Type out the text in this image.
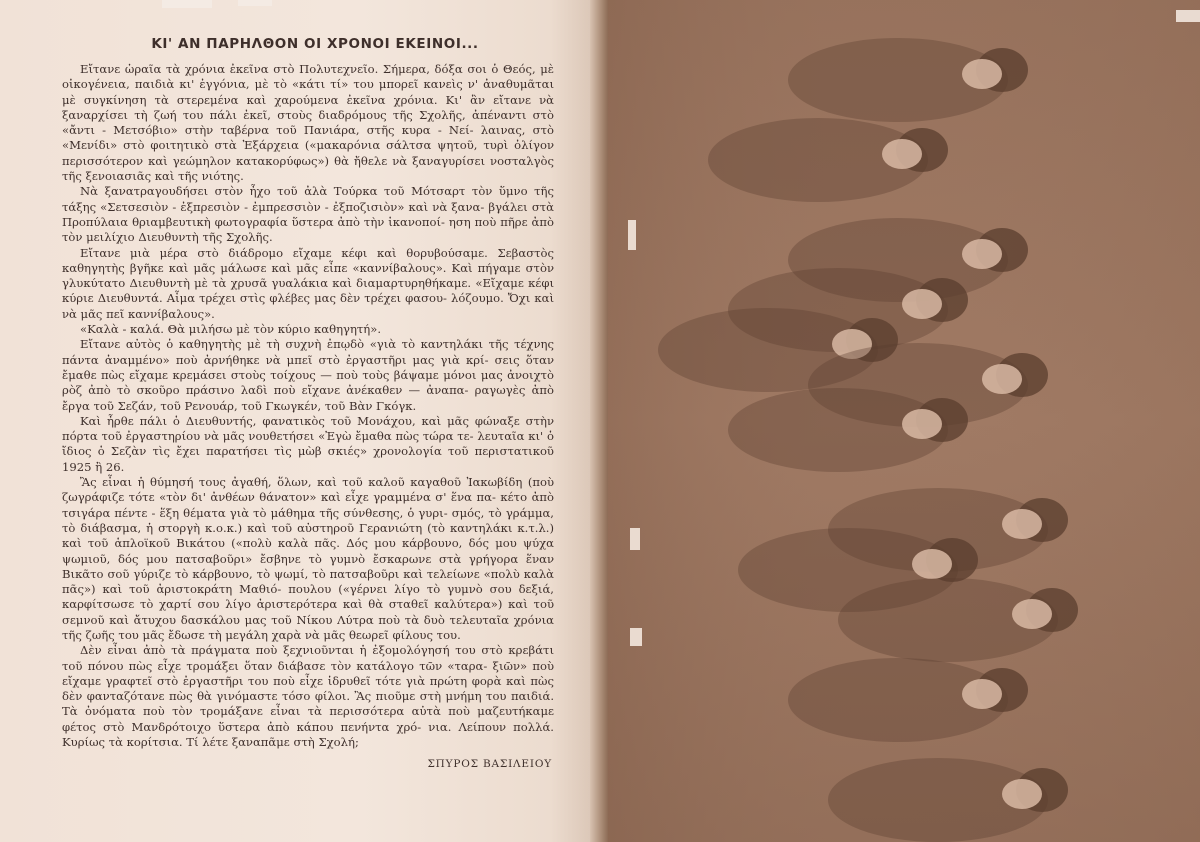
ΚΙ' ΑΝ ΠΑΡΗΛΘΟΝ ΟΙ ΧΡΟΝΟΙ ΕΚΕΙΝΟΙ...

Εἴτανε ὡραῖα τὰ χρόνια ἐκεῖνα στὸ Πολυτεχνεῖο. Σήμερα, δόξα σοι ὁ Θεός, μὲ οἰκογένεια, παιδιὰ κι' ἐγγόνια, μὲ τὸ «κάτι τί» του μπορεῖ κανεὶς ν' ἀναθυμᾶται μὲ συγκίνηση τὰ στερεμένα καὶ χαρούμενα ἐκεῖνα χρόνια. Κι' ἂν εἴτανε νὰ ξαναρχίσει τὴ ζωή του πάλι ἐκεῖ, στοὺς διαδρόμους τῆς Σχολῆς, ἀπέναντι στὸ «ἄντι - Μετσόβιο» στὴν ταβέρνα τοῦ Πανιάρα, στῆς κυρα - Νεί- λαινας, στὸ «Μενίδι» στὸ φοιτητικὸ στὰ Ἐξάρχεια («μακαρόνια σάλτσα ψητοῦ, τυρὶ ὀλίγον περισσότερον καὶ γεώμηλον κατακορύφως») θὰ ἤθελε νὰ ξαναγυρίσει νοσταλγὸς τῆς ξενοιασιᾶς καὶ τῆς νιότης.

Νὰ ξανατραγουδήσει στὸν ἦχο τοῦ ἀλὰ Τούρκα τοῦ Μότσαρτ τὸν ὕμνο τῆς τάξης «Σετσεσιὸν - ἐξπρεσιὸν - ἐμπρεσσιὸν - ἐξποζισιὸν» καὶ νὰ ξανα- βγάλει στὰ Προπύλαια θριαμβευτικὴ φωτογραφία ὕστερα ἀπὸ τὴν ἱκανοποί- ηση ποὺ πῆρε ἀπὸ τὸν μειλίχιο Διευθυντὴ τῆς Σχολῆς.

Εἴτανε μιὰ μέρα στὸ διάδρομο εἴχαμε κέφι καὶ θορυβούσαμε. Σεβαστὸς καθηγητὴς βγῆκε καὶ μᾶς μάλωσε καὶ μᾶς εἶπε «καννίβαλους». Καὶ πήγαμε στὸν γλυκύτατο Διευθυντὴ μὲ τὰ χρυσᾶ γυαλάκια καὶ διαμαρτυρηθήκαμε. «Εἴχαμε κέφι κύριε Διευθυντά. Αἷμα τρέχει στὶς φλέβες μας δὲν τρέχει φασου- λόζουμο. Ὄχι καὶ νὰ μᾶς πεῖ καννίβαλους».

«Καλὰ - καλά. Θὰ μιλήσω μὲ τὸν κύριο καθηγητή».

Εἴτανε αὐτὸς ὁ καθηγητὴς μὲ τὴ συχνὴ ἐπῳδὸ «γιὰ τὸ καντηλάκι τῆς τέχνης πάντα ἀναμμένο» ποὺ ἀρνήθηκε νὰ μπεῖ στὸ ἐργαστῆρι μας γιὰ κρί- σεις ὅταν ἔμαθε πὼς εἴχαμε κρεμάσει στοὺς τοίχους — ποὺ τοὺς βάψαμε μόνοι μας ἀνοιχτὸ ρὸζ ἀπὸ τὸ σκοῦρο πράσινο λαδὶ ποὺ εἴχανε ἀνέκαθεν — ἀναπα- ραγωγὲς ἀπὸ ἔργα τοῦ Σεζάν, τοῦ Ρενουάρ, τοῦ Γκωγκέν, τοῦ Βὰν Γκόγκ.

Καὶ ἦρθε πάλι ὁ Διευθυντής, φανατικὸς τοῦ Μονάχου, καὶ μᾶς φώναξε στὴν πόρτα τοῦ ἐργαστηρίου νὰ μᾶς νουθετήσει «Ἐγὼ ἔμαθα πὼς τώρα τε- λευταῖα κι' ὁ ἴδιος ὁ Σεζὰν τὶς ἔχει παρατήσει τὶς μὼβ σκιές» χρονολογία τοῦ περιστατικοῦ 1925 ἢ 26.

Ἂς εἶναι ἡ θύμησή τους ἀγαθή, ὅλων, καὶ τοῦ καλοῦ καγαθοῦ Ἰακωβίδη (ποὺ ζωγράφιζε τότε «τὸν δι' ἀνθέων θάνατον» καὶ εἶχε γραμμένα σ' ἕνα πα- κέτο ἀπὸ τσιγάρα πέντε - ἕξη θέματα γιὰ τὸ μάθημα τῆς σύνθεσης, ὁ γυρι- σμός, τὸ γράμμα, τὸ διάβασμα, ἡ στοργὴ κ.ο.κ.) καὶ τοῦ αὐστηροῦ Γερανιώτη (τὸ καντηλάκι κ.τ.λ.) καὶ τοῦ ἁπλοϊκοῦ Βικάτου («πολὺ καλὰ πᾶς. Δός μου κάρβουνο, δός μου ψύχα ψωμιοῦ, δός μου πατσαβοῦρι» ἔσβηνε τὸ γυμνὸ ἔσκαρωνε στὰ γρήγορα ἕναν Βικᾶτο σοῦ γύριζε τὸ κάρβουνο, τὸ ψωμί, τὸ πατσαβοῦρι καὶ τελείωνε «πολὺ καλὰ πᾶς») καὶ τοῦ ἀριστοκράτη Μαθιό- πουλου («γέρνει λίγο τὸ γυμνὸ σου δεξιά, καρφίτσωσε τὸ χαρτί σου λίγο ἀριστερότερα καὶ θὰ σταθεῖ καλύτερα») καὶ τοῦ σεμνοῦ καὶ ἄτυχου δασκάλου μας τοῦ Νίκου Λύτρα ποὺ τὰ δυὸ τελευταῖα χρόνια τῆς ζωῆς του μᾶς ἔδωσε τὴ μεγάλη χαρὰ νὰ μᾶς θεωρεῖ φίλους του.

Δὲν εἶναι ἀπὸ τὰ πράγματα ποὺ ξεχνιοῦνται ἡ ἐξομολόγησή του στὸ κρεβάτι τοῦ πόνου πὼς εἶχε τρομάξει ὅταν διάβασε τὸν κατάλογο τῶν «ταρα- ξιῶν» ποὺ εἴχαμε γραφτεῖ στὸ ἐργαστῆρι του ποὺ εἶχε ἱδρυθεῖ τότε γιὰ πρώτη φορὰ καὶ πὼς δὲν φανταζότανε πὼς θὰ γινόμαστε τόσο φίλοι. Ἂς πιοῦμε στὴ μνήμη του παιδιά. Τὰ ὀνόματα ποὺ τὸν τρομάξανε εἶναι τὰ περισσότερα αὐτὰ ποὺ μαζευτήκαμε φέτος στὸ Μανδρότοιχο ὕστερα ἀπὸ κάπου πενήντα χρό- νια. Λείπουν πολλά. Κυρίως τὰ κορίτσια. Τί λέτε ξαναπᾶμε στὴ Σχολή;

ΣΠΥΡΟΣ ΒΑΣΙΛΕΙΟΥ
